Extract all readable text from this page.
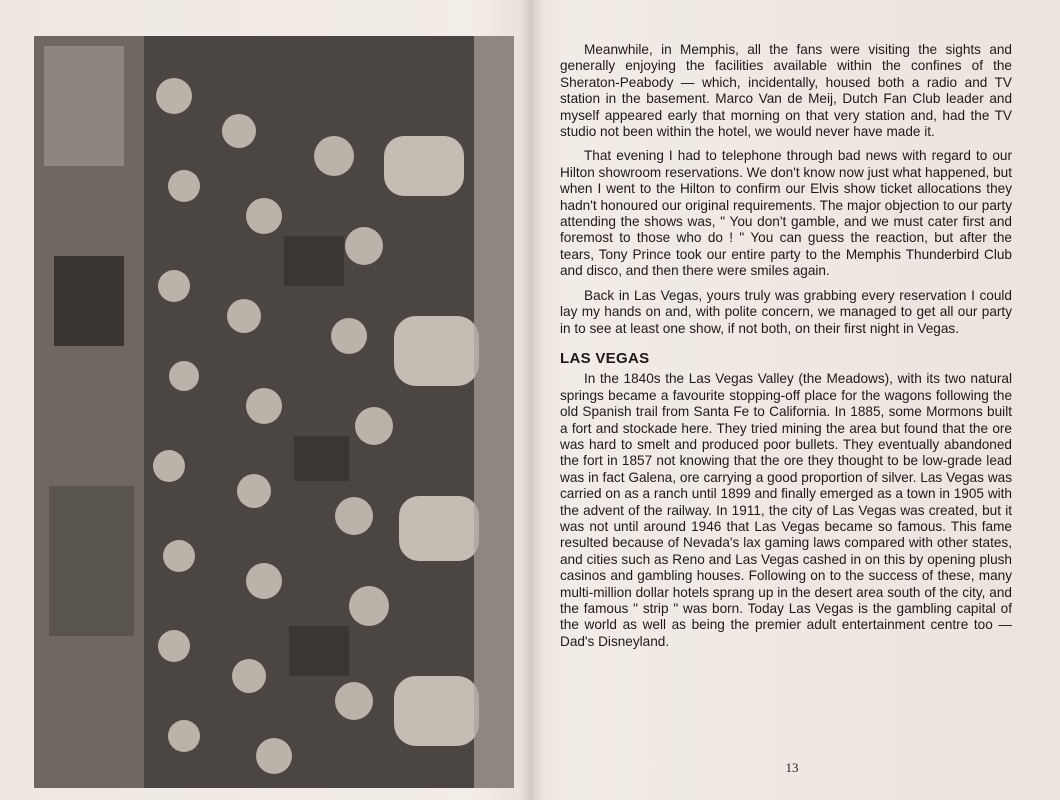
Meanwhile, in Memphis, all the fans were visiting the sights and generally enjoying the facilities available within the confines of the Sheraton-Peabody — which, incidentally, housed both a radio and TV station in the basement. Marco Van de Meij, Dutch Fan Club leader and myself appeared early that morning on that very station and, had the TV studio not been within the hotel, we would never have made it.

That evening I had to telephone through bad news with regard to our Hilton showroom reservations. We don't know now just what happened, but when I went to the Hilton to confirm our Elvis show ticket allocations they hadn't honoured our original requirements. The major objection to our party attending the shows was, " You don't gamble, and we must cater first and foremost to those who do ! " You can guess the reaction, but after the tears, Tony Prince took our entire party to the Memphis Thunderbird Club and disco, and then there were smiles again.

Back in Las Vegas, yours truly was grabbing every reservation I could lay my hands on and, with polite concern, we managed to get all our party in to see at least one show, if not both, on their first night in Vegas.

LAS VEGAS

In the 1840s the Las Vegas Valley (the Meadows), with its two natural springs became a favourite stopping-off place for the wagons following the old Spanish trail from Santa Fe to California. In 1885, some Mormons built a fort and stockade here. They tried mining the area but found that the ore was hard to smelt and produced poor bullets. They eventually abandoned the fort in 1857 not knowing that the ore they thought to be low-grade lead was in fact Galena, ore carrying a good proportion of silver. Las Vegas was carried on as a ranch until 1899 and finally emerged as a town in 1905 with the advent of the railway. In 1911, the city of Las Vegas was created, but it was not until around 1946 that Las Vegas became so famous. This fame resulted because of Nevada's lax gaming laws compared with other states, and cities such as Reno and Las Vegas cashed in on this by opening plush casinos and gambling houses. Following on to the success of these, many multi-million dollar hotels sprang up in the desert area south of the city, and the famous " strip " was born. Today Las Vegas is the gambling capital of the world as well as being the premier adult entertainment centre too — Dad's Disneyland.

13
